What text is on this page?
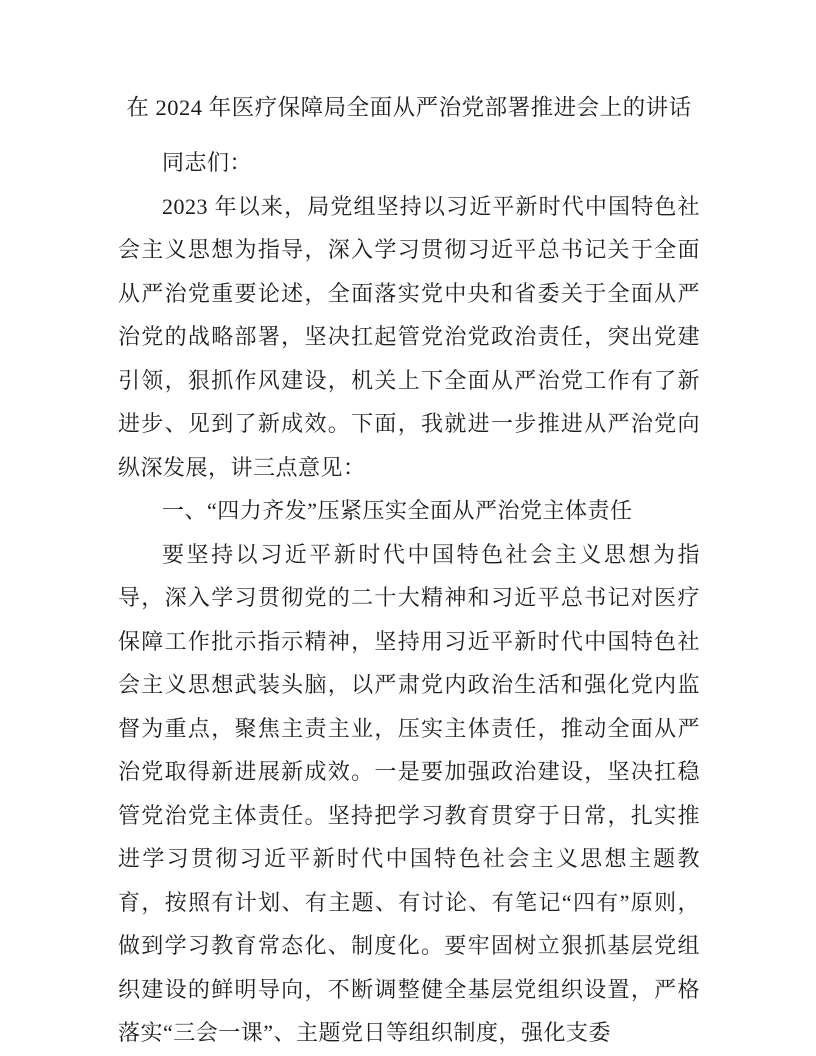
在 2024 年医疗保障局全面从严治党部署推进会上的讲话

同志们：

2023 年以来，局党组坚持以习近平新时代中国特色社会主义思想为指导，深入学习贯彻习近平总书记关于全面从严治党重要论述，全面落实党中央和省委关于全面从严治党的战略部署，坚决扛起管党治党政治责任，突出党建引领，狠抓作风建设，机关上下全面从严治党工作有了新进步、见到了新成效。下面，我就进一步推进从严治党向纵深发展，讲三点意见：

一、“四力齐发”压紧压实全面从严治党主体责任

要坚持以习近平新时代中国特色社会主义思想为指导，深入学习贯彻党的二十大精神和习近平总书记对医疗保障工作批示指示精神，坚持用习近平新时代中国特色社会主义思想武装头脑，以严肃党内政治生活和强化党内监督为重点，聚焦主责主业，压实主体责任，推动全面从严治党取得新进展新成效。一是要加强政治建设，坚决扛稳管党治党主体责任。坚持把学习教育贯穿于日常，扎实推进学习贯彻习近平新时代中国特色社会主义思想主题教育，按照有计划、有主题、有讨论、有笔记“四有”原则，做到学习教育常态化、制度化。要牢固树立狠抓基层党组织建设的鲜明导向，不断调整健全基层党组织设置，严格落实“三会一课”、主题党日等组织制度，强化支委
